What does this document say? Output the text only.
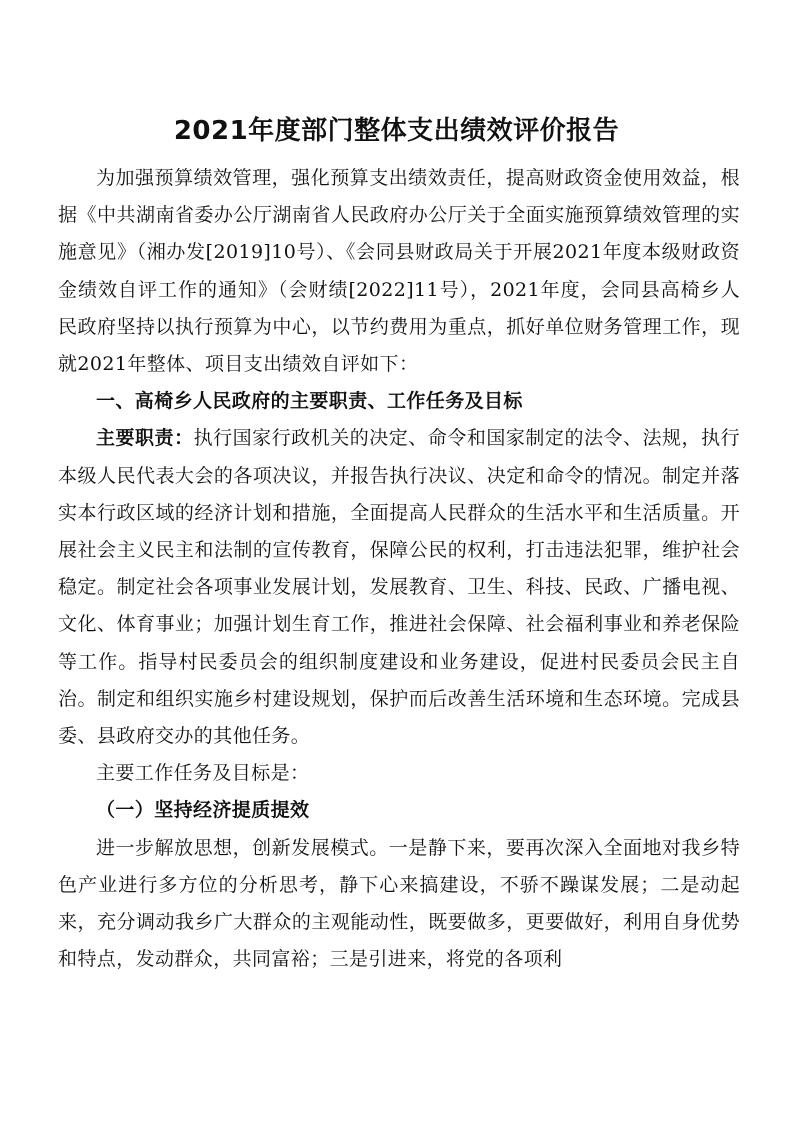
2021年度部门整体支出绩效评价报告

为加强预算绩效管理，强化预算支出绩效责任，提高财政资金使用效益，根据《中共湖南省委办公厅湖南省人民政府办公厅关于全面实施预算绩效管理的实施意见》（湘办发[2019]10号）、《会同县财政局关于开展2021年度本级财政资金绩效自评工作的通知》（会财绩[2022]11号），2021年度，会同县高椅乡人民政府坚持以执行预算为中心，以节约费用为重点，抓好单位财务管理工作，现就2021年整体、项目支出绩效自评如下：

一、高椅乡人民政府的主要职责、工作任务及目标

主要职责：执行国家行政机关的决定、命令和国家制定的法令、法规，执行本级人民代表大会的各项决议，并报告执行决议、决定和命令的情况。制定并落实本行政区域的经济计划和措施，全面提高人民群众的生活水平和生活质量。开展社会主义民主和法制的宣传教育，保障公民的权利，打击违法犯罪，维护社会稳定。制定社会各项事业发展计划，发展教育、卫生、科技、民政、广播电视、文化、体育事业；加强计划生育工作，推进社会保障、社会福利事业和养老保险等工作。指导村民委员会的组织制度建设和业务建设，促进村民委员会民主自治。制定和组织实施乡村建设规划，保护而后改善生活环境和生态环境。完成县委、县政府交办的其他任务。

主要工作任务及目标是：

（一）坚持经济提质提效

进一步解放思想，创新发展模式。一是静下来，要再次深入全面地对我乡特色产业进行多方位的分析思考，静下心来搞建设，不骄不躁谋发展；二是动起来，充分调动我乡广大群众的主观能动性，既要做多，更要做好，利用自身优势和特点，发动群众，共同富裕；三是引进来，将党的各项利
